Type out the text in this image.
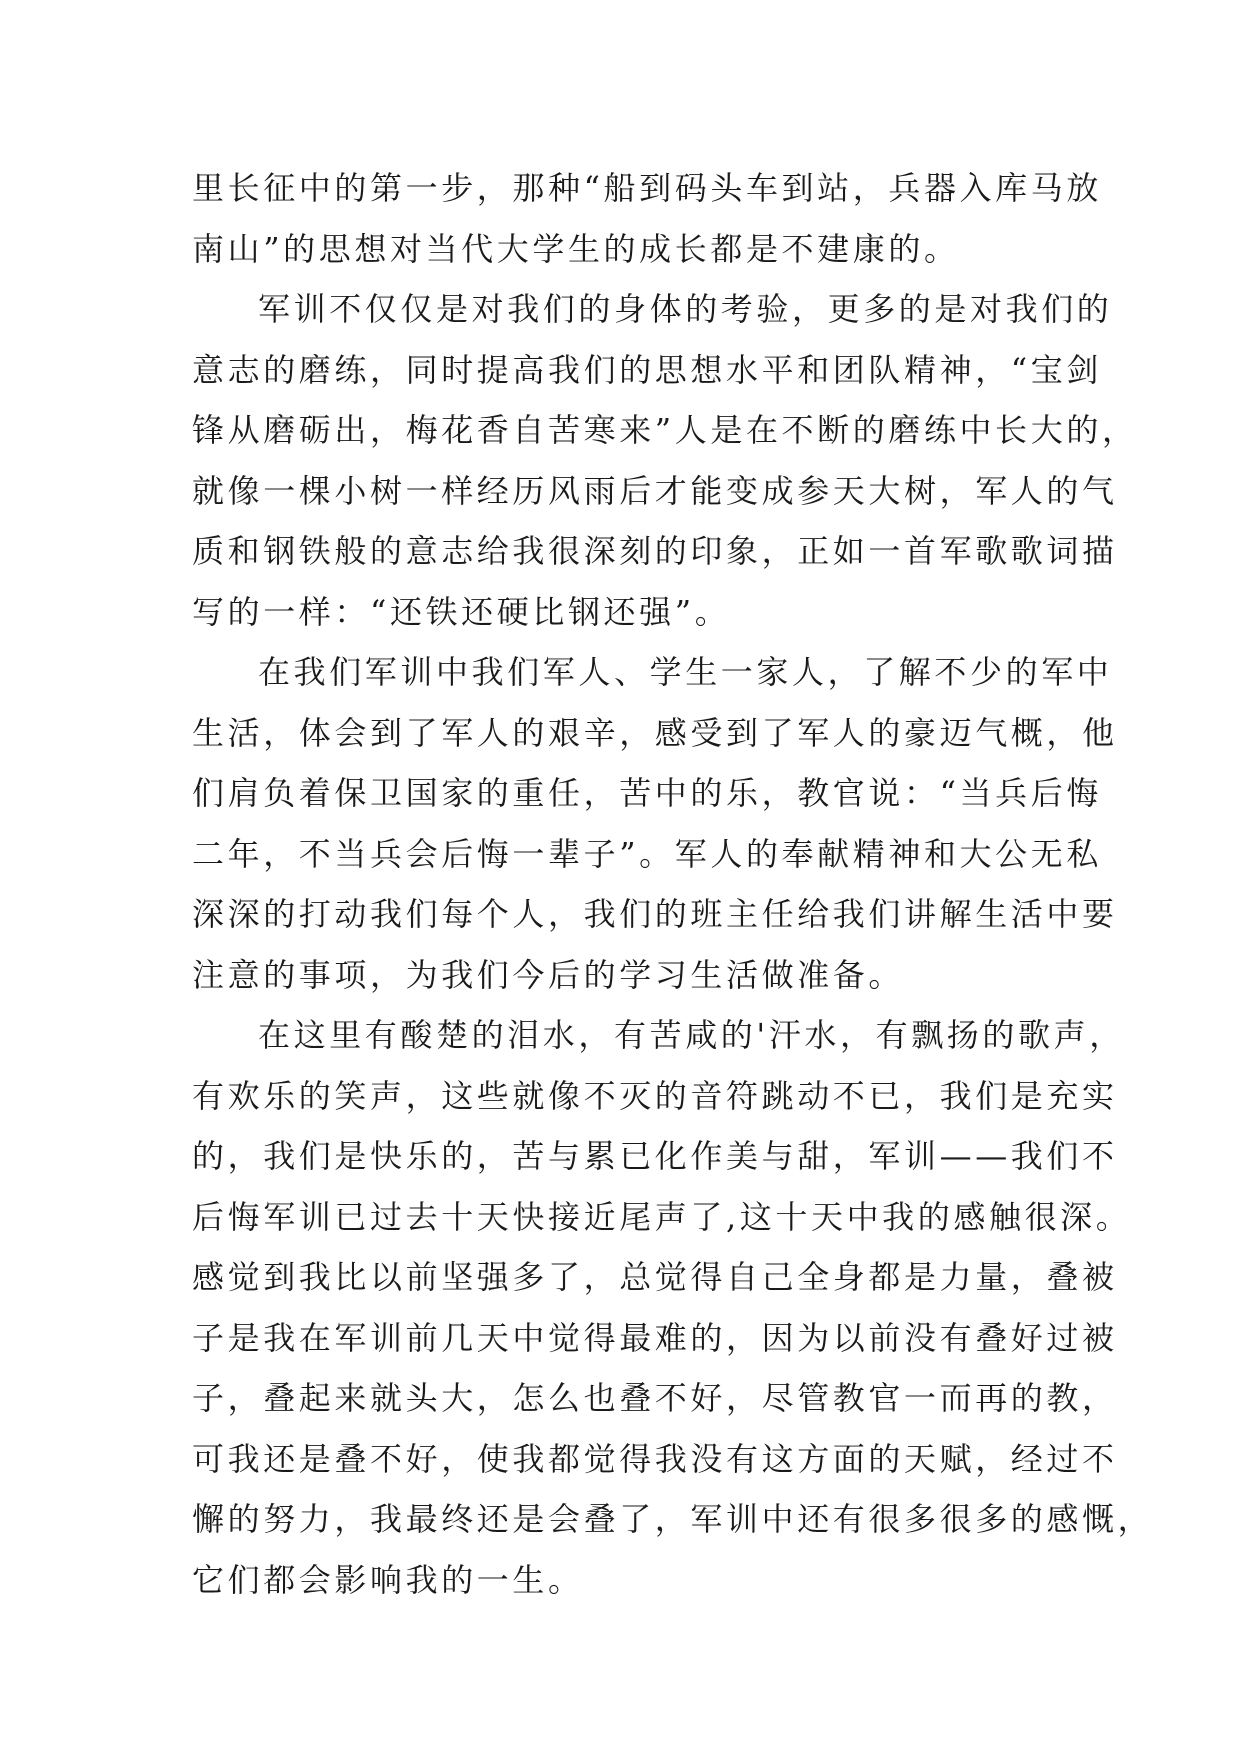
里长征中的第一步，那种“船到码头车到站，兵器入库马放
南山”的思想对当代大学生的成长都是不建康的。
军训不仅仅是对我们的身体的考验，更多的是对我们的
意志的磨练，同时提高我们的思想水平和团队精神，“宝剑
锋从磨砺出，梅花香自苦寒来”人是在不断的磨练中长大的，
就像一棵小树一样经历风雨后才能变成参天大树，军人的气
质和钢铁般的意志给我很深刻的印象，正如一首军歌歌词描
写的一样：“还铁还硬比钢还强”。
在我们军训中我们军人、学生一家人，了解不少的军中
生活，体会到了军人的艰辛，感受到了军人的豪迈气概，他
们肩负着保卫国家的重任，苦中的乐，教官说：“当兵后悔
二年，不当兵会后悔一辈子”。军人的奉献精神和大公无私
深深的打动我们每个人，我们的班主任给我们讲解生活中要
注意的事项，为我们今后的学习生活做准备。
在这里有酸楚的泪水，有苦咸的'汗水，有飘扬的歌声，
有欢乐的笑声，这些就像不灭的音符跳动不已，我们是充实
的，我们是快乐的，苦与累已化作美与甜，军训——我们不
后悔军训已过去十天快接近尾声了,这十天中我的感触很深。
感觉到我比以前坚强多了，总觉得自己全身都是力量，叠被
子是我在军训前几天中觉得最难的，因为以前没有叠好过被
子，叠起来就头大，怎么也叠不好，尽管教官一而再的教，
可我还是叠不好，使我都觉得我没有这方面的天赋，经过不
懈的努力，我最终还是会叠了，军训中还有很多很多的感慨，
它们都会影响我的一生。
